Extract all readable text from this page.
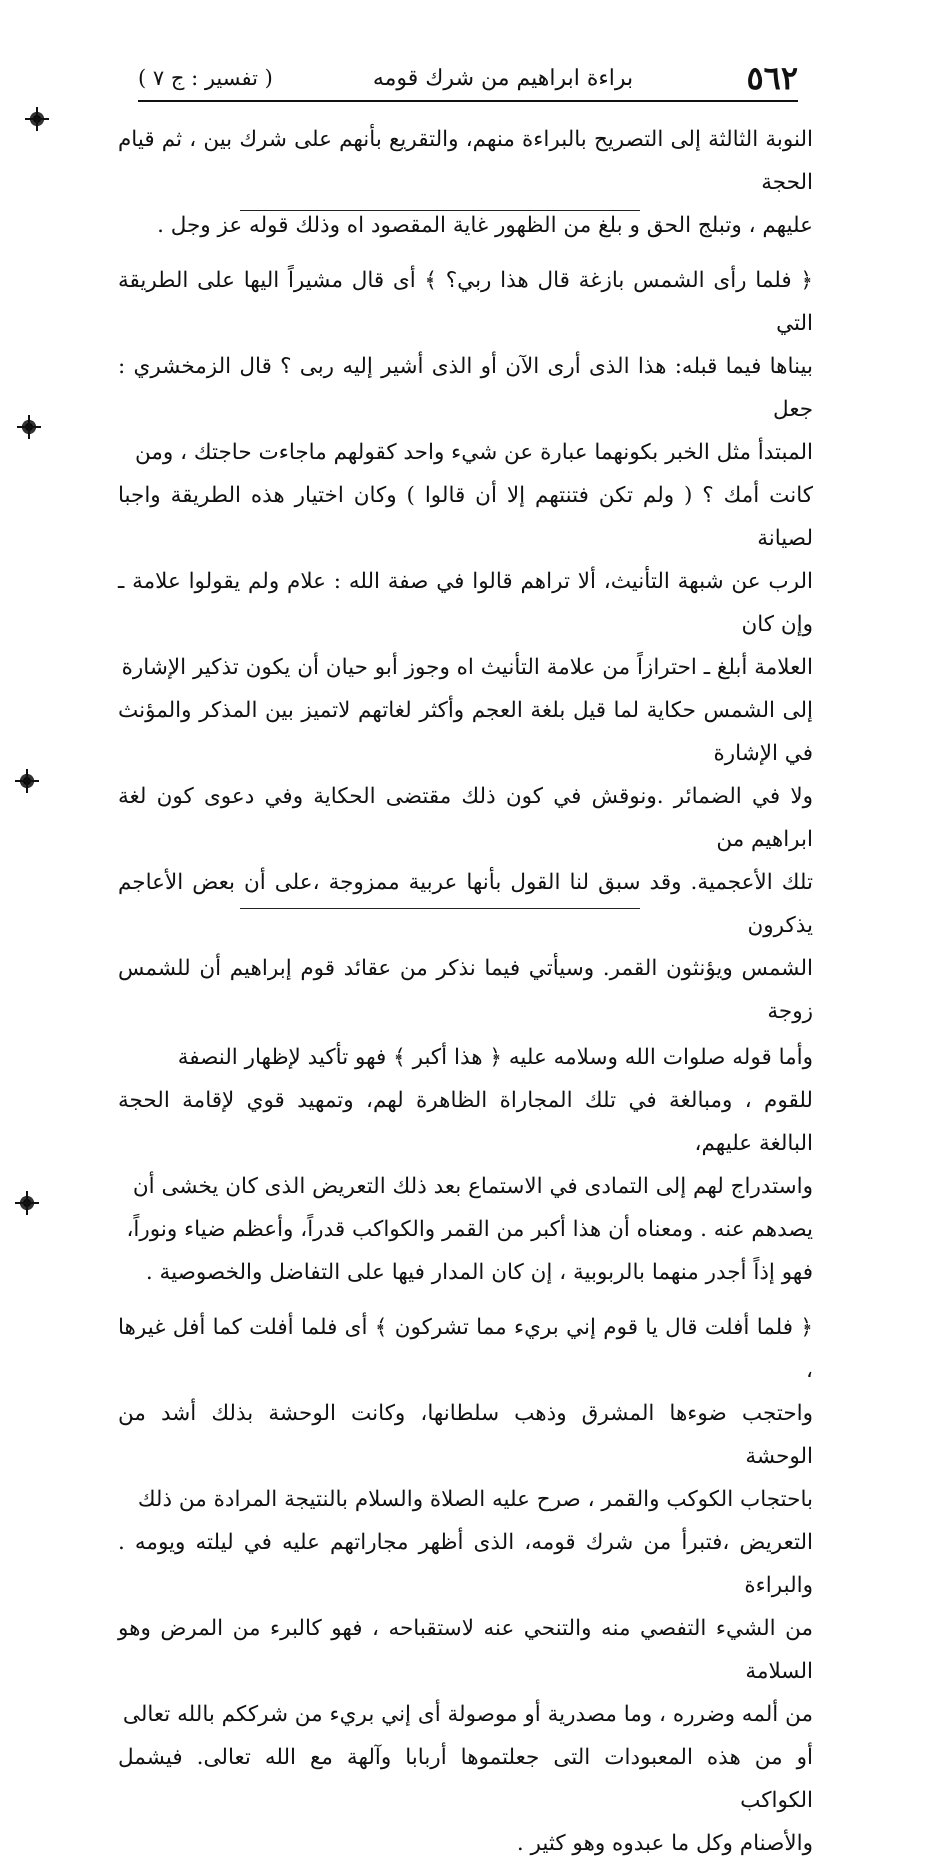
٥٦٢
براءة ابراهيم من شرك قومه
( تفسير : ج ٧ )

النوبة الثالثة إلى التصريح بالبراءة منهم، والتقريع بأنهم على شرك بين ، ثم قيام الحجة

عليهم ، وتبلج الحق و بلغ من الظهور غاية المقصود اه وذلك قوله عز وجل .

﴿ فلما رأى الشمس بازغة قال هذا ربي؟ ﴾ أى قال مشيراً اليها على الطريقة التي

بيناها فيما قبله: هذا الذى أرى الآن أو الذى أشير إليه ربى ؟ قال الزمخشري : جعل

المبتدأ مثل الخبر بكونهما عبارة عن شيء واحد كقولهم ماجاءت حاجتك ، ومن

كانت أمك ؟ ( ولم تكن فتنتهم إلا أن قالوا ) وكان اختيار هذه الطريقة واجبا لصيانة

الرب عن شبهة التأنيث، ألا تراهم قالوا في صفة الله : علام ولم يقولوا علامة ـ وإن كان

العلامة أبلغ ـ احترازاً من علامة التأنيث اه وجوز أبو حيان أن يكون تذكير الإشارة

إلى الشمس حكاية لما قيل بلغة العجم وأكثر لغاتهم لاتميز بين المذكر والمؤنث في الإشارة

ولا في الضمائر .ونوقش في كون ذلك مقتضى الحكاية وفي دعوى كون لغة ابراهيم من

تلك الأعجمية. وقد سبق لنا القول بأنها عربية ممزوجة ،على أن بعض الأعاجم يذكرون

الشمس ويؤنثون القمر. وسيأتي فيما نذكر من عقائد قوم إبراهيم أن للشمس زوجة

وأما قوله صلوات الله وسلامه عليه ﴿ هذا أكبر ﴾ فهو تأكيد لإظهار النصفة

للقوم ، ومبالغة في تلك المجاراة الظاهرة لهم، وتمهيد قوي لإقامة الحجة البالغة عليهم،

واستدراج لهم إلى التمادى في الاستماع بعد ذلك التعريض الذى كان يخشى أن

يصدهم عنه . ومعناه أن هذا أكبر من القمر والكواكب قدراً، وأعظم ضياء ونوراً،

فهو إذاً أجدر منهما بالربوبية ، إن كان المدار فيها على التفاضل والخصوصية .

﴿ فلما أفلت قال يا قوم إني بريء مما تشركون ﴾ أى فلما أفلت كما أفل غيرها ،

واحتجب ضوءها المشرق وذهب سلطانها، وكانت الوحشة بذلك أشد من الوحشة

باحتجاب الكوكب والقمر ، صرح عليه الصلاة والسلام بالنتيجة المرادة من ذلك

التعريض ،فتبرأ من شرك قومه، الذى أظهر مجاراتهم عليه في ليلته ويومه . والبراءة

من الشيء التفصي منه والتنحي عنه لاستقباحه ، فهو كالبرء من المرض وهو السلامة

من ألمه وضرره ، وما مصدرية أو موصولة أى إني بريء من شرككم بالله تعالى

أو من هذه المعبودات التى جعلتموها أربابا وآلهة مع الله تعالى. فيشمل الكواكب

والأصنام وكل ما عبدوه وهو كثير .
